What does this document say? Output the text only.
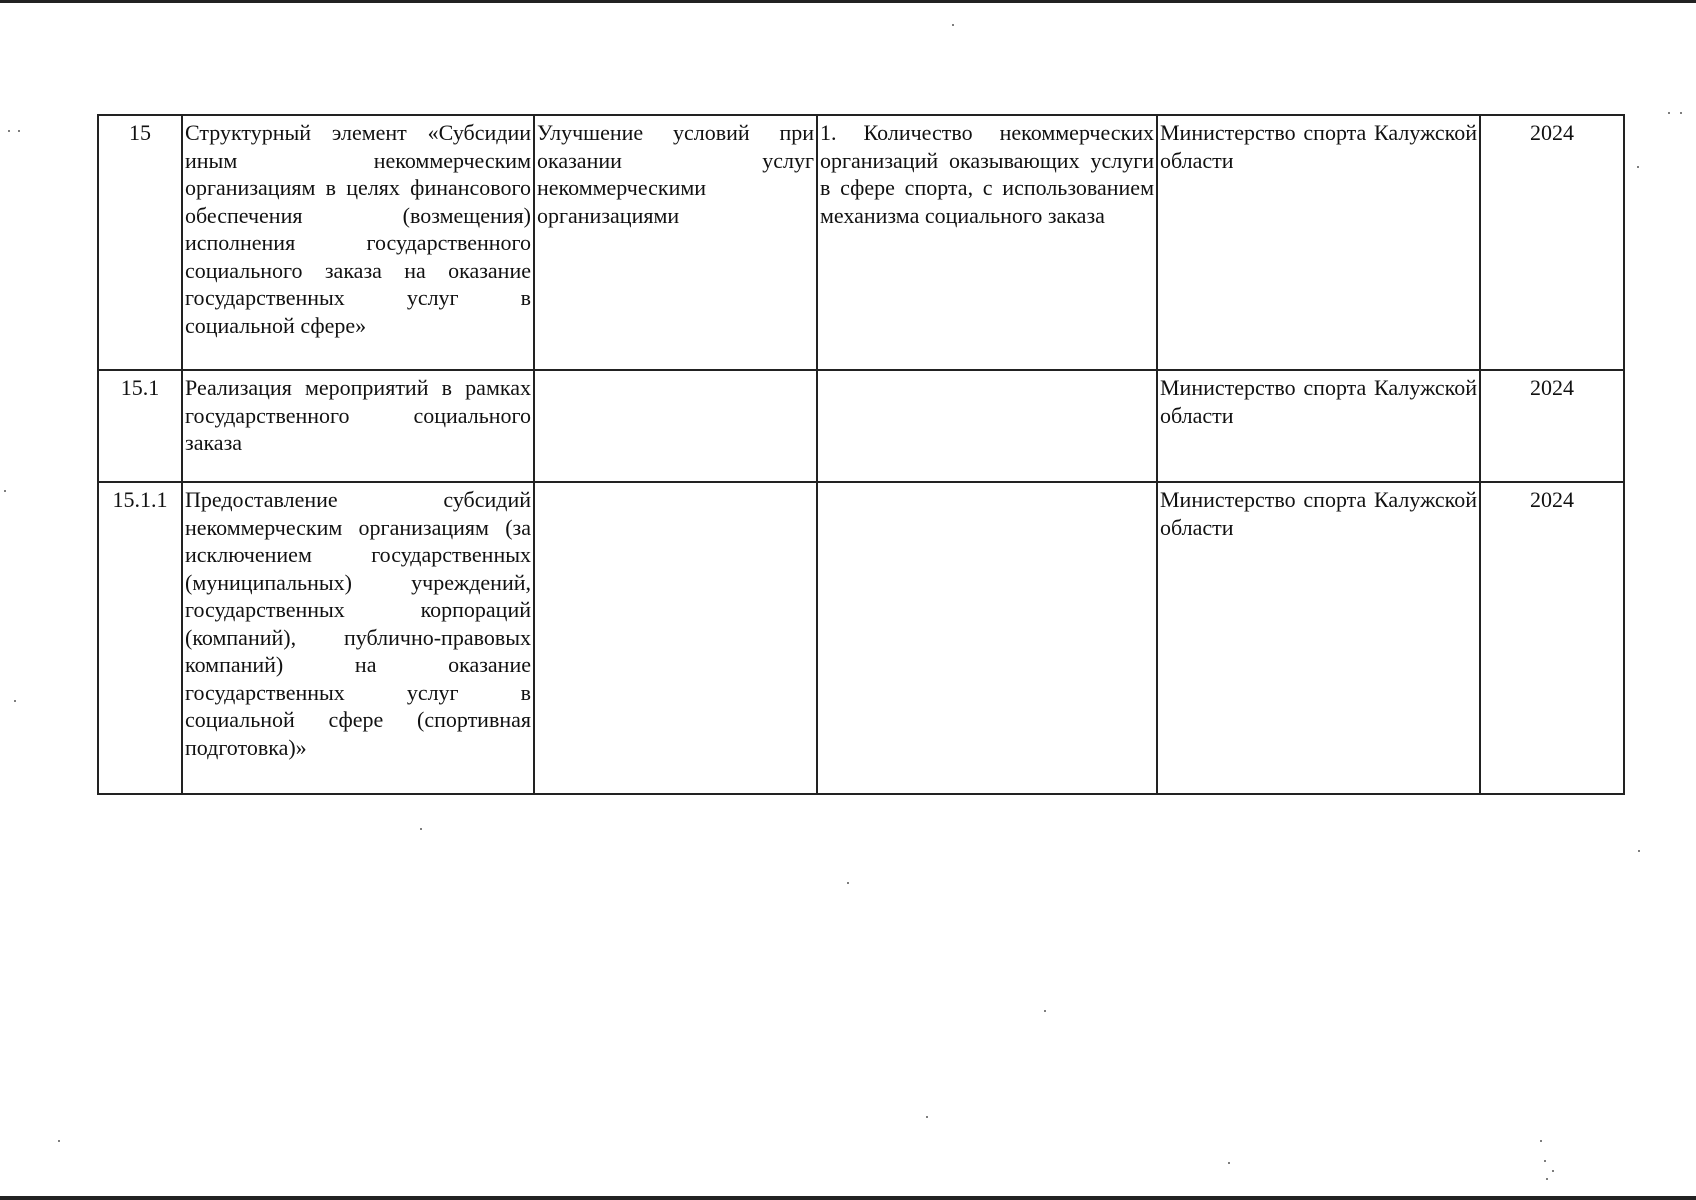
15	Структурный элемент «Субсидии иным некоммерческим организациям в целях финансового обеспечения (возмещения) исполнения государственного социального заказа на оказание государственных услуг в социальной сфере»	Улучшение условий при оказании услуг некоммерческими организациями	1. Количество некоммерческих организаций оказывающих услуги в сфере спорта, с использованием механизма социального заказа	Министерство спорта Калужской области	2024
15.1	Реализация мероприятий в рамках государственного социального заказа			Министерство спорта Калужской области	2024
15.1.1	Предоставление субсидий некоммерческим организациям (за исключением государственных (муниципальных) учреждений, государственных корпораций (компаний), публично-правовых компаний) на оказание государственных услуг в социальной сфере (спортивная подготовка)»			Министерство спорта Калужской области	2024
